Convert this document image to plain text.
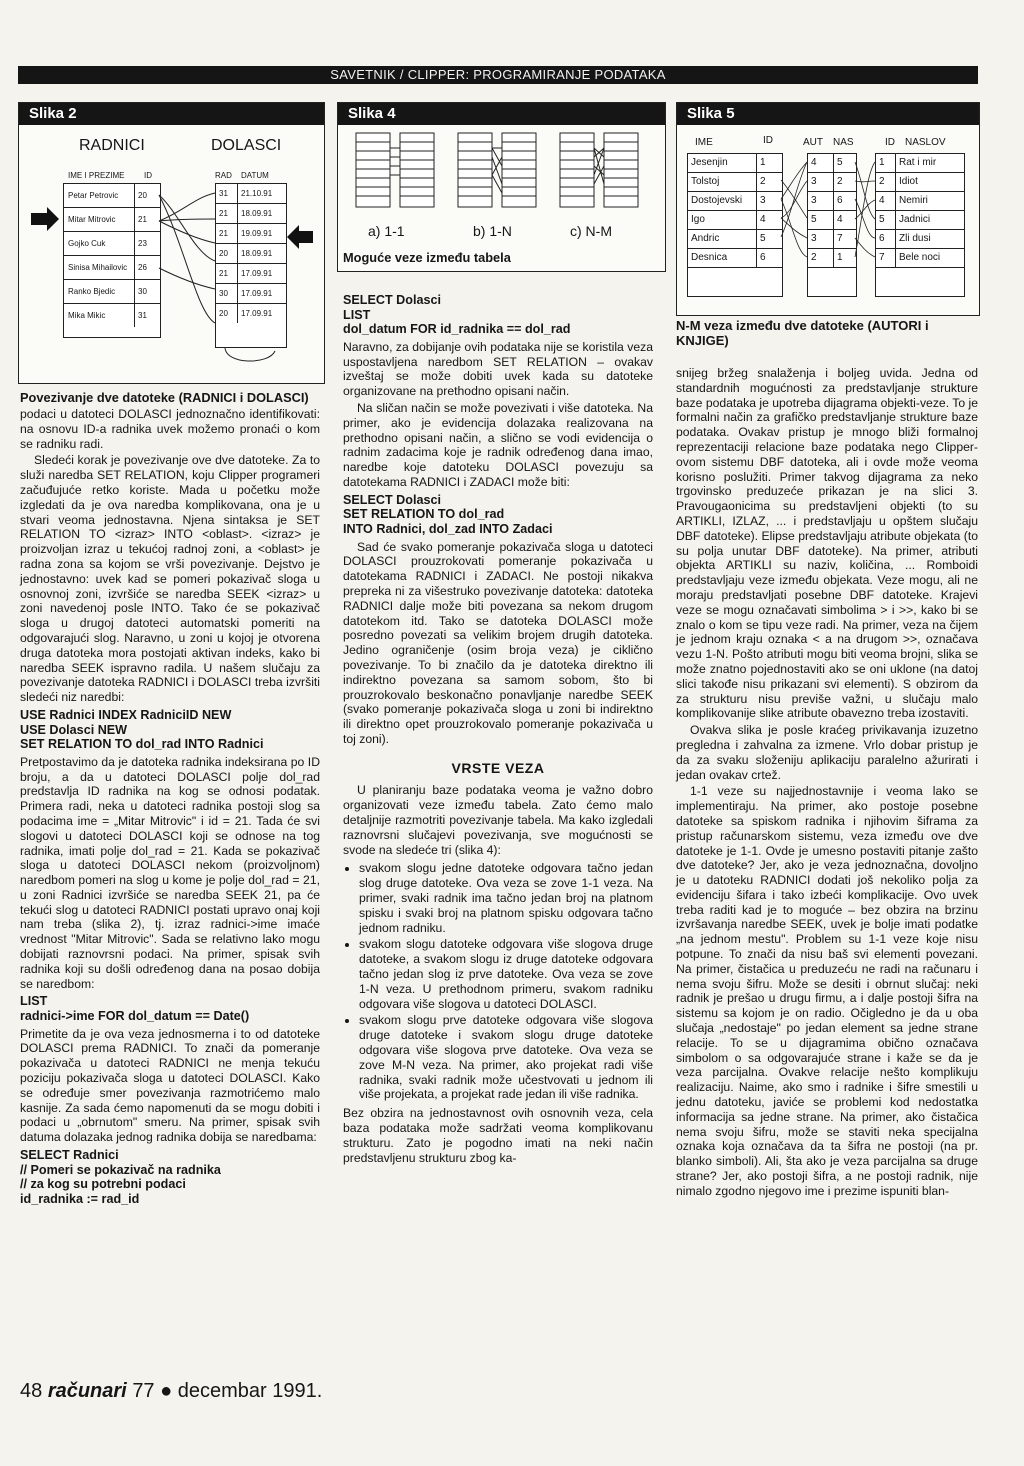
SAVETNIK / CLIPPER: PROGRAMIRANJE PODATAKA
Slika 2
RADNICI	DOLASCI
IME I PREZIME ID	RAD DATUM
Petar Petrovic	20
Mitar Mitrovic	21
Gojko Cuk	23
Sinisa Mihailovic	26
Ranko Bjedic	30
Mika Mikic	31
31	21.10.91
21	18.09.91
21	19.09.91
20	18.09.91
21	17.09.91
30	17.09.91
20	17.09.91
Slika 4
a) 1-1	b) 1-N	c) N-M
Moguće veze između tabela
Slika 5
IME	ID	AUT NAS	ID NASLOV
Jesenjin	1
Tolstoj	2
Dostojevski	3
Igo	4
Andric	5
Desnica	6
4	5
3	2
3	6
5	4
3	7
2	1
1	Rat i mir
2	Idiot
4	Nemiri
5	Jadnici
6	Zli dusi
7	Bele noci
N-M veza između dve datoteke (AUTORI i KNJIGE)
Povezivanje dve datoteke (RADNICI i DOLASCI)

podaci u datoteci DOLASCI jednoznačno identifikovati: na osnovu ID-a radnika uvek možemo pronaći o kom se radniku radi.

Sledeći korak je povezivanje ove dve datoteke. Za to služi naredba SET RELATION, koju Clipper programeri začuđujuće retko koriste. Mada u početku može izgledati da je ova naredba komplikovana, ona je u stvari veoma jednostavna. Njena sintaksa je SET RELATION TO <izraz> INTO <oblast>. <izraz> je proizvoljan izraz u tekućoj radnoj zoni, a <oblast> je radna zona sa kojom se vrši povezivanje. Dejstvo je jednostavno: uvek kad se pomeri pokazivač sloga u osnovnoj zoni, izvršiće se naredba SEEK <izraz> u zoni navedenoj posle INTO. Tako će se pokazivač sloga u drugoj datoteci automatski pomeriti na odgovarajući slog. Naravno, u zoni u kojoj je otvorena druga datoteka mora postojati aktivan indeks, kako bi naredba SEEK ispravno radila. U našem slučaju za povezivanje datoteka RADNICI i DOLASCI treba izvršiti sledeći niz naredbi:

USE Radnici INDEX RadniciID NEW
USE Dolasci NEW
SET RELATION TO dol_rad INTO Radnici

Pretpostavimo da je datoteka radnika indeksirana po ID broju, a da u datoteci DOLASCI polje dol_rad predstavlja ID radnika na kog se odnosi podatak. Primera radi, neka u datoteci radnika postoji slog sa podacima ime = „Mitar Mitrovic" i id = 21. Tada će svi slogovi u datoteci DOLASCI koji se odnose na tog radnika, imati polje dol_rad = 21. Kada se pokazivač sloga u datoteci DOLASCI nekom (proizvoljnom) naredbom pomeri na slog u kome je polje dol_rad = 21, u zoni Radnici izvršiće se naredba SEEK 21, pa će tekući slog u datoteci RADNICI postati upravo onaj koji nam treba (slika 2), tj. izraz radnici->ime imaće vrednost "Mitar Mitrovic". Sada se relativno lako mogu dobijati raznovrsni podaci. Na primer, spisak svih radnika koji su došli određenog dana na posao dobija se naredbom:

LIST
radnici->ime FOR dol_datum == Date()

Primetite da je ova veza jednosmerna i to od datoteke DOLASCI prema RADNICI. To znači da pomeranje pokazivača u datoteci RADNICI ne menja tekuću poziciju pokazivača sloga u datoteci DOLASCI. Kako se određuje smer povezivanja razmotrićemo malo kasnije. Za sada ćemo napomenuti da se mogu dobiti i podaci u „obrnutom" smeru. Na primer, spisak svih datuma dolazaka jednog radnika dobija se naredbama:

SELECT Radnici
// Pomeri se pokazivač na radnika
// za kog su potrebni podaci
id_radnika := rad_id
SELECT Dolasci
LIST
dol_datum FOR id_radnika == dol_rad

Naravno, za dobijanje ovih podataka nije se koristila veza uspostavljena naredbom SET RELATION – ovakav izveštaj se može dobiti uvek kada su datoteke organizovane na prethodno opisani način.

Na sličan način se može povezivati i više datoteka. Na primer, ako je evidencija dolazaka realizovana na prethodno opisani način, a slično se vodi evidencija o radnim zadacima koje je radnik određenog dana imao, naredbe koje datoteku DOLASCI povezuju sa datotekama RADNICI i ZADACI može biti:

SELECT Dolasci
SET RELATION TO dol_rad
INTO Radnici, dol_zad INTO Zadaci

Sad će svako pomeranje pokazivača sloga u datoteci DOLASCI prouzrokovati pomeranje pokazivača u datotekama RADNICI i ZADACI. Ne postoji nikakva prepreka ni za višestruko povezivanje datoteka: datoteka RADNICI dalje može biti povezana sa nekom drugom datotekom itd. Tako se datoteka DOLASCI može posredno povezati sa velikim brojem drugih datoteka. Jedino ograničenje (osim broja veza) je ciklično povezivanje. To bi značilo da je datoteka direktno ili indirektno povezana sa samom sobom, što bi prouzrokovalo beskonačno ponavljanje naredbe SEEK (svako pomeranje pokazivača sloga u zoni bi indirektno ili direktno opet prouzrokovalo pomeranje pokazivača u toj zoni).

VRSTE VEZA

U planiranju baze podataka veoma je važno dobro organizovati veze između tabela. Zato ćemo malo detaljnije razmotriti povezivanje tabela. Ma kako izgledali raznovrsni slučajevi povezivanja, sve mogućnosti se svode na sledeće tri (slika 4):

• svakom slogu jedne datoteke odgovara tačno jedan slog druge datoteke. Ova veza se zove 1-1 veza. Na primer, svaki radnik ima tačno jedan broj na platnom spisku i svaki broj na platnom spisku odgovara tačno jednom radniku.
• svakom slogu datoteke odgovara više slogova druge datoteke, a svakom slogu iz druge datoteke odgovara tačno jedan slog iz prve datoteke. Ova veza se zove 1-N veza. U prethodnom primeru, svakom radniku odgovara više slogova u datoteci DOLASCI.
• svakom slogu prve datoteke odgovara više slogova druge datoteke i svakom slogu druge datoteke odgovara više slogova prve datoteke. Ova veza se zove M-N veza. Na primer, ako projekat radi više radnika, svaki radnik može učestvovati u jednom ili više projekata, a projekat rade jedan ili više radnika.

Bez obzira na jednostavnost ovih osnovnih veza, cela baza podataka može sadržati veoma komplikovanu strukturu. Zato je pogodno imati na neki način predstavljenu strukturu zbog ka-

snijeg bržeg snalaženja i boljeg uvida. Jedna od standardnih mogućnosti za predstavljanje strukture baze podataka je upotreba dijagrama objekti-veze. To je formalni način za grafičko predstavljanje strukture baze podataka. Ovakav pristup je mnogo bliži formalnoj reprezentaciji relacione baze podataka nego Clipper-ovom sistemu DBF datoteka, ali i ovde može veoma korisno poslužiti. Primer takvog dijagrama za neko trgovinsko preduzeće prikazan je na slici 3. Pravougaonicima su predstavljeni objekti (to su ARTIKLI, IZLAZ, ... i predstavljaju u opštem slučaju DBF datoteke). Elipse predstavljaju atribute objekata (to su polja unutar DBF datoteke). Na primer, atributi objekta ARTIKLI su naziv, količina, ... Romboidi predstavljaju veze između objekata. Veze mogu, ali ne moraju predstavljati posebne DBF datoteke. Krajevi veze se mogu označavati simbolima > i >>, kako bi se znalo o kom se tipu veze radi. Na primer, veza na čijem je jednom kraju oznaka < a na drugom >>, označava vezu 1-N. Pošto atributi mogu biti veoma brojni, slika se može znatno pojednostaviti ako se oni uklone (na datoj slici takođe nisu prikazani svi elementi). S obzirom da za strukturu nisu previše važni, u slučaju malo komplikovanije slike atribute obavezno treba izostaviti.

Ovakva slika je posle kraćeg privikavanja izuzetno pregledna i zahvalna za izmene. Vrlo dobar pristup je da za svaku složeniju aplikaciju paralelno ažurirati i jedan ovakav crtež.

1-1 veze su najjednostavnije i veoma lako se implementiraju. Na primer, ako postoje posebne datoteke sa spiskom radnika i njihovim šiframa za pristup računarskom sistemu, veza između ove dve datoteke je 1-1. Ovde je umesno postaviti pitanje zašto dve datoteke? Jer, ako je veza jednoznačna, dovoljno je u datoteku RADNICI dodati još nekoliko polja za evidenciju šifara i tako izbeći komplikacije. Ovo uvek treba raditi kad je to moguće – bez obzira na brzinu izvršavanja naredbe SEEK, uvek je bolje imati podatke „na jednom mestu". Problem su 1-1 veze koje nisu potpune. To znači da nisu baš svi elementi povezani. Na primer, čistačica u preduzeću ne radi na računaru i nema svoju šifru. Može se desiti i obrnut slučaj: neki radnik je prešao u drugu firmu, a i dalje postoji šifra na sistemu sa kojom je on radio. Očigledno je da u oba slučaja „nedostaje" po jedan element sa jedne strane relacije. To se u dijagramima obično označava simbolom o sa odgovarajuće strane i kaže se da je veza parcijalna. Ovakve relacije nešto komplikuju realizaciju. Naime, ako smo i radnike i šifre smestili u jednu datoteku, javiće se problemi kod nedostatka informacija sa jedne strane. Na primer, ako čistačica nema svoju šifru, može se staviti neka specijalna oznaka koja označava da ta šifra ne postoji (na pr. blanko simboli). Ali, šta ako je veza parcijalna sa druge strane? Jer, ako postoji šifra, a ne postoji radnik, nije nimalo zgodno njegovo ime i prezime ispuniti blan-

48 računari 77 ● decembar 1991.
